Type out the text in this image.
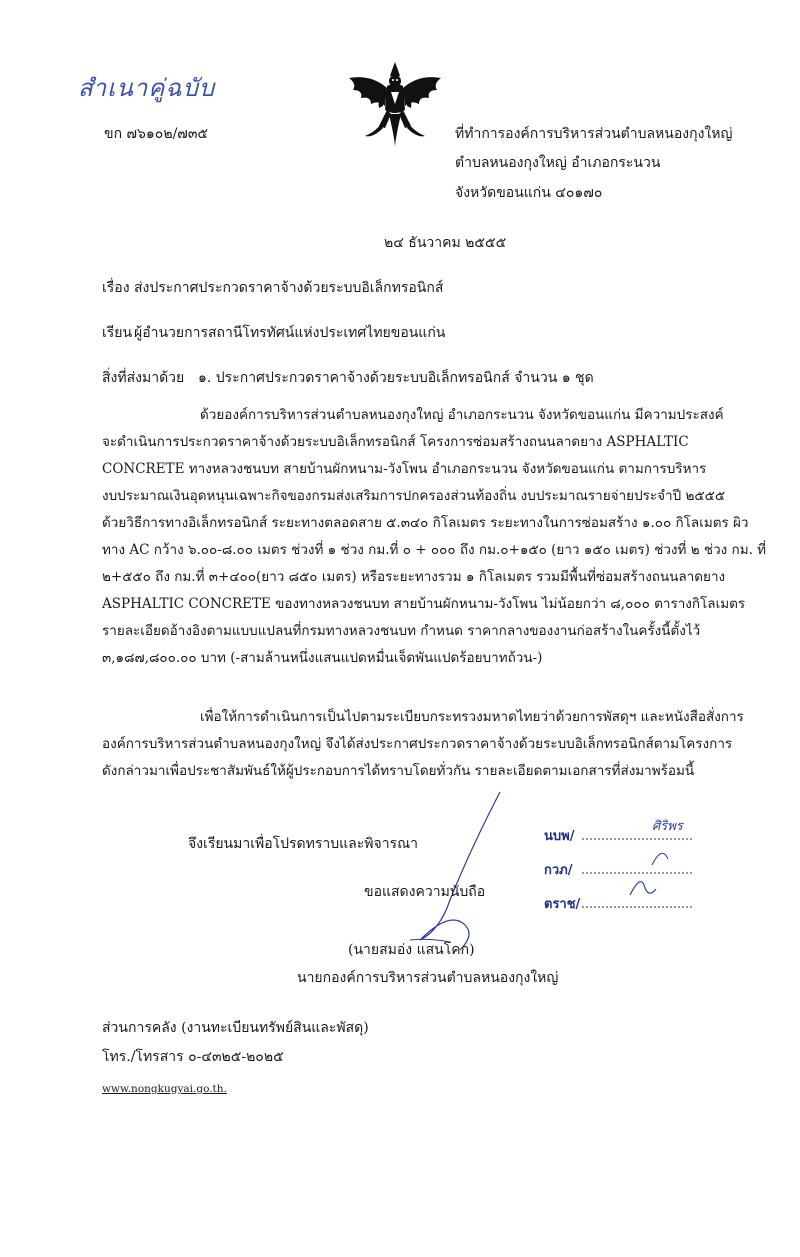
สำเนาคู่ฉบับ
ขก ๗๖๑๐๒/๗๓๕	ที่ทำการองค์การบริหารส่วนตำบลหนองกุงใหญ่
ตำบลหนองกุงใหญ่ อำเภอกระนวน
จังหวัดขอนแก่น ๔๐๑๗๐
๒๔ ธันวาคม ๒๕๕๕
เรื่อง ส่งประกาศประกวดราคาจ้างด้วยระบบอิเล็กทรอนิกส์
เรียน ผู้อำนวยการสถานีโทรทัศน์แห่งประเทศไทยขอนแก่น
สิ่งที่ส่งมาด้วย ๑. ประกาศประกวดราคาจ้างด้วยระบบอิเล็กทรอนิกส์ จำนวน ๑ ชุด
ด้วยองค์การบริหารส่วนตำบลหนองกุงใหญ่ อำเภอกระนวน จังหวัดขอนแก่น มีความประสงค์
จะดำเนินการประกวดราคาจ้างด้วยระบบอิเล็กทรอนิกส์ โครงการซ่อมสร้างถนนลาดยาง ASPHALTIC
CONCRETE ทางหลวงชนบท สายบ้านผักหนาม-วังโพน อำเภอกระนวน จังหวัดขอนแก่น ตามการบริหาร
งบประมาณเงินอุดหนุนเฉพาะกิจของกรมส่งเสริมการปกครองส่วนท้องถิ่น งบประมาณรายจ่ายประจำปี ๒๕๕๕
ด้วยวิธีการทางอิเล็กทรอนิกส์ ระยะทางตลอดสาย ๕.๓๔๐ กิโลเมตร ระยะทางในการซ่อมสร้าง ๑.๐๐ กิโลเมตร ผิว
ทาง AC กว้าง ๖.๐๐-๘.๐๐ เมตร ช่วงที่ ๑ ช่วง กม.ที่ ๐ + ๐๐๐ ถึง กม.๐+๑๕๐ (ยาว ๑๕๐ เมตร) ช่วงที่ ๒ ช่วง กม. ที่
๒+๕๕๐ ถึง กม.ที่ ๓+๔๐๐(ยาว ๘๕๐ เมตร) หรือระยะทางรวม ๑ กิโลเมตร รวมมีพื้นที่ซ่อมสร้างถนนลาดยาง
ASPHALTIC CONCRETE ของทางหลวงชนบท สายบ้านผักหนาม-วังโพน ไม่น้อยกว่า ๘,๐๐๐ ตารางกิโลเมตร
รายละเอียดอ้างอิงตามแบบแปลนที่กรมทางหลวงชนบท กำหนด ราคากลางของงานก่อสร้างในครั้งนี้ตั้งไว้
๓,๑๘๗,๘๐๐.๐๐ บาท (-สามล้านหนึ่งแสนแปดหมื่นเจ็ดพันแปดร้อยบาทถ้วน-)
เพื่อให้การดำเนินการเป็นไปตามระเบียบกระทรวงมหาดไทยว่าด้วยการพัสดุฯ และหนังสือสั่งการ
องค์การบริหารส่วนตำบลหนองกุงใหญ่ จึงได้ส่งประกาศประกวดราคาจ้างด้วยระบบอิเล็กทรอนิกส์ตามโครงการ
ดังกล่าวมาเพื่อประชาสัมพันธ์ให้ผู้ประกอบการได้ทราบโดยทั่วกัน รายละเอียดตามเอกสารที่ส่งมาพร้อมนี้
จึงเรียนมาเพื่อโปรดทราบและพิจารณา
ขอแสดงความนับถือ
(นายสมอ่ง แสนโคก)
นายกองค์การบริหารส่วนตำบลหนองกุงใหญ่
ส่วนการคลัง (งานทะเบียนทรัพย์สินและพัสดุ)
โทร./โทรสาร ๐-๔๓๒๕-๒๐๒๕
www.nongkugyai.go.th.
นบพ/
กวภ/
ตราช/
ศิริพร
